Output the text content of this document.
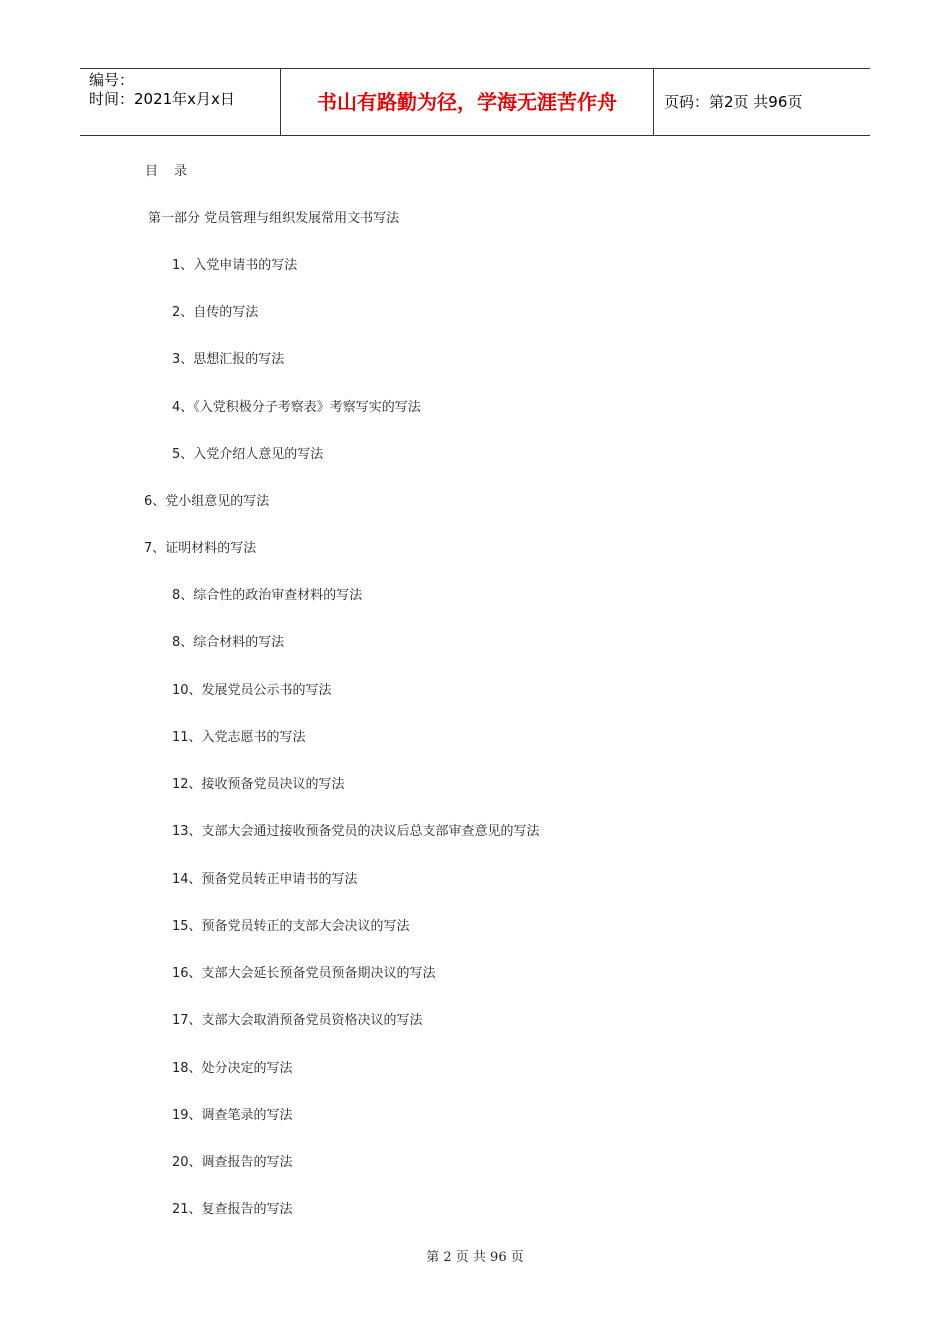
编号：
时间：2021年x月x日	书山有路勤为径，学海无涯苦作舟	页码：第2页 共96页
目 录
第一部分 党员管理与组织发展常用文书写法
1、入党申请书的写法
2、自传的写法
3、思想汇报的写法
4、《入党积极分子考察表》考察写实的写法
5、入党介绍人意见的写法
6、党小组意见的写法
7、证明材料的写法
8、综合性的政治审查材料的写法
8、综合材料的写法
10、发展党员公示书的写法
11、入党志愿书的写法
12、接收预备党员决议的写法
13、支部大会通过接收预备党员的决议后总支部审查意见的写法
14、预备党员转正申请书的写法
15、预备党员转正的支部大会决议的写法
16、支部大会延长预备党员预备期决议的写法
17、支部大会取消预备党员资格决议的写法
18、处分决定的写法
19、调查笔录的写法
20、调查报告的写法
21、复查报告的写法
第 2 页 共 96 页
